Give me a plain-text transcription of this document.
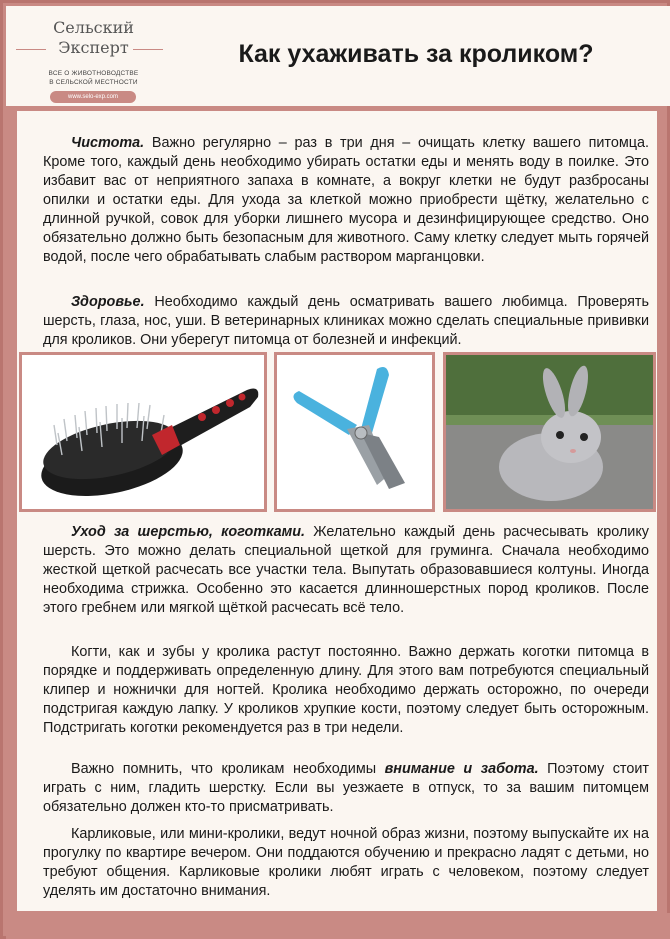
Сельский
Эксперт
ВСЕ О ЖИВОТНОВОДСТВЕ
В СЕЛЬСКОЙ МЕСТНОСТИ
www.selo-exp.com
Как ухаживать за кроликом?

Чистота. Важно регулярно – раз в три дня – очищать клетку вашего питомца. Кроме того, каждый день необходимо убирать остатки еды и менять воду в поилке. Это избавит вас от неприятного запаха в комнате, а вокруг клетки не будут разбросаны опилки и остатки еды. Для ухода за клеткой можно приобрести щётку, желательно с длинной ручкой, совок для уборки лишнего мусора и дезинфицирующее средство. Оно обязательно должно быть безопасным для животного. Саму клетку следует мыть горячей водой, после чего обрабатывать слабым раствором марганцовки.

Здоровье. Необходимо каждый день осматривать вашего любимца. Проверять шерсть, глаза, нос, уши. В ветеринарных клиниках можно сделать специальные прививки для кроликов. Они уберегут питомца от болезней и инфекций.

Уход за шерстью, коготками. Желательно каждый день расчесывать кролику шерсть. Это можно делать специальной щеткой для груминга. Сначала необходимо жесткой щеткой расчесать все участки тела. Выпутать образовавшиеся колтуны. Иногда необходима стрижка. Особенно это касается длинношерстных пород кроликов. После этого гребнем или мягкой щёткой расчесать всё тело.

Когти, как и зубы у кролика растут постоянно. Важно держать коготки питомца в порядке и поддерживать определенную длину. Для этого вам потребуются специальный клипер и ножнички для ногтей. Кролика необходимо держать осторожно, по очереди подстригая каждую лапку. У кроликов хрупкие кости, поэтому следует быть осторожным. Подстригать коготки рекомендуется раз в три недели.

Важно помнить, что кроликам необходимы внимание и забота. Поэтому стоит играть с ним, гладить шерстку. Если вы уезжаете в отпуск, то за вашим питомцем обязательно должен кто-то присматривать.

Карликовые, или мини-кролики, ведут ночной образ жизни, поэтому выпускайте их на прогулку по квартире вечером. Они поддаются обучению и прекрасно ладят с детьми, но требуют общения. Карликовые кролики любят играть с человеком, поэтому следует уделять им достаточно внимания.
